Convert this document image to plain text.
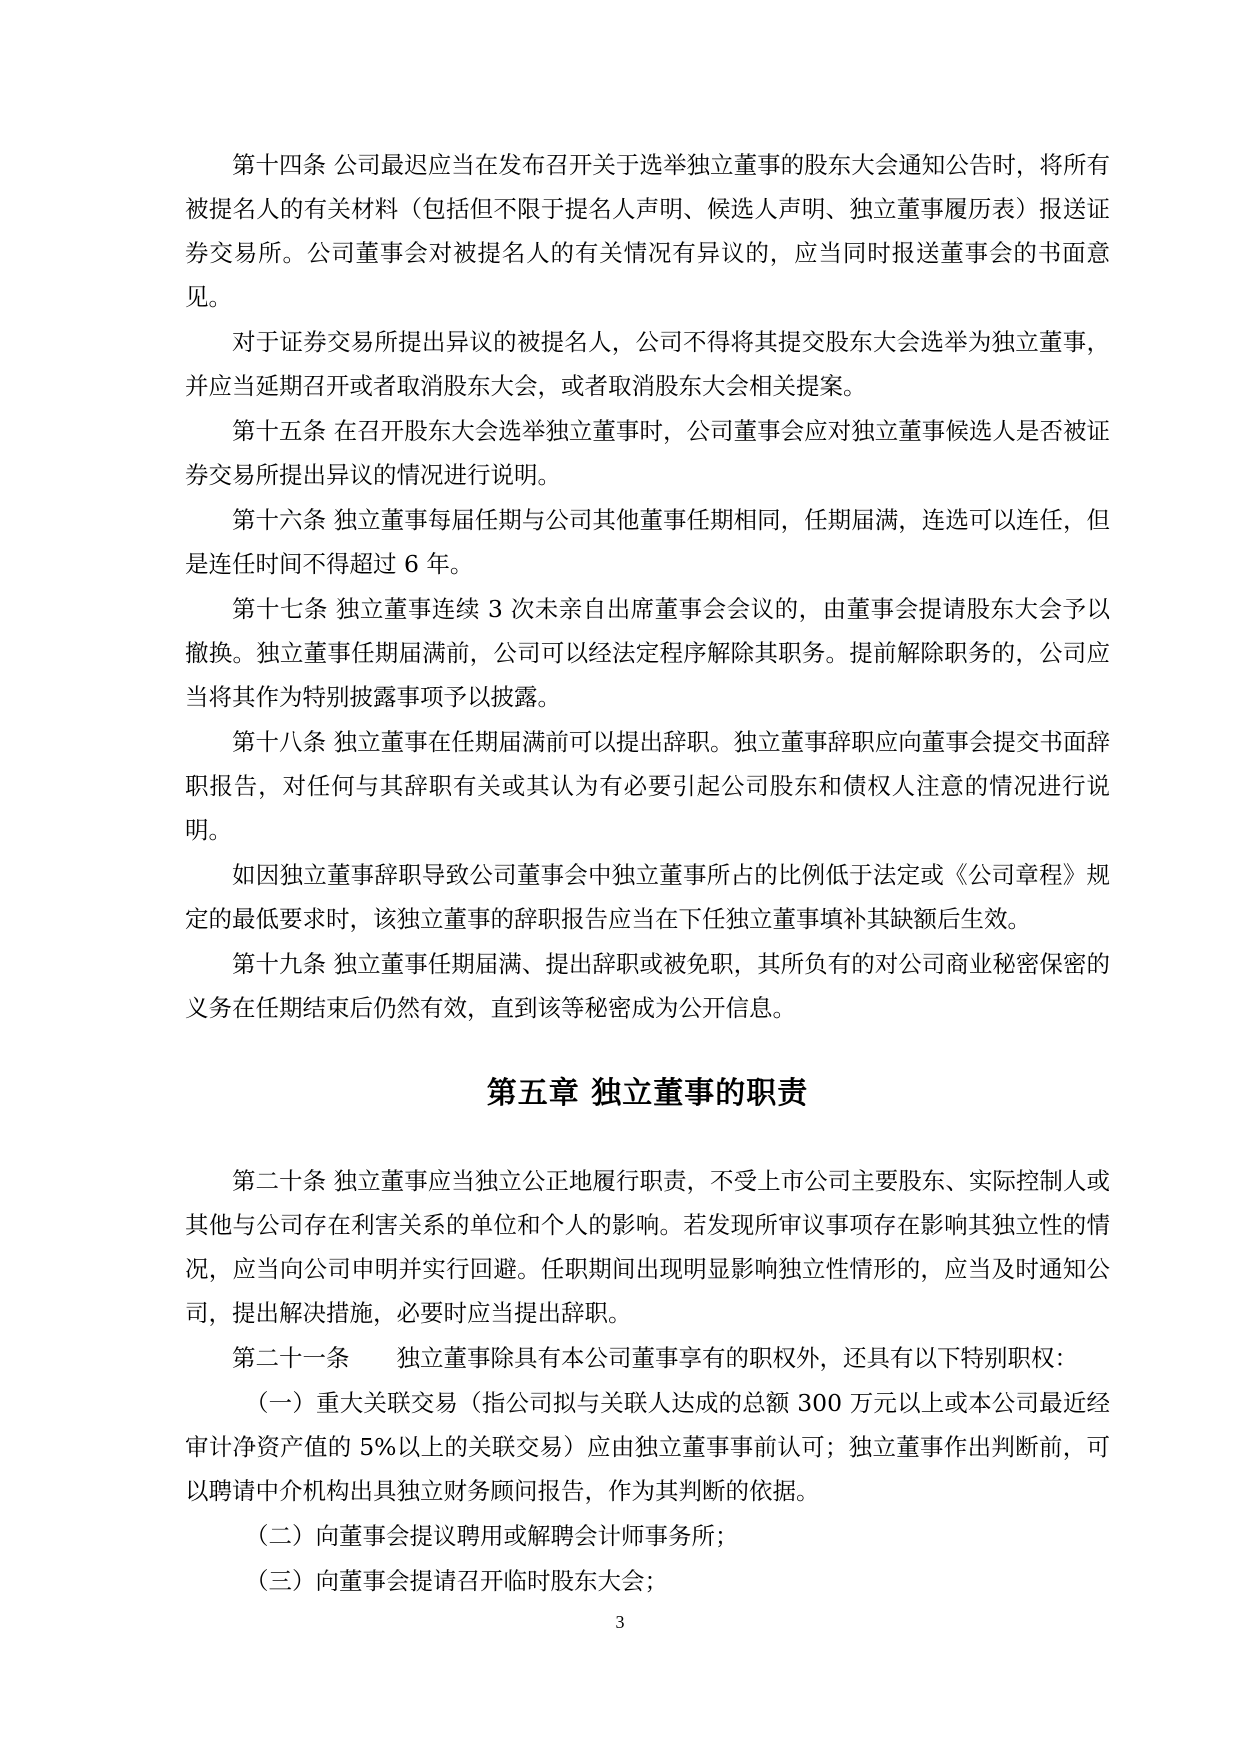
第十四条 公司最迟应当在发布召开关于选举独立董事的股东大会通知公告时，将所有被提名人的有关材料（包括但不限于提名人声明、候选人声明、独立董事履历表）报送证券交易所。公司董事会对被提名人的有关情况有异议的，应当同时报送董事会的书面意见。

对于证券交易所提出异议的被提名人，公司不得将其提交股东大会选举为独立董事，并应当延期召开或者取消股东大会，或者取消股东大会相关提案。

第十五条 在召开股东大会选举独立董事时，公司董事会应对独立董事候选人是否被证券交易所提出异议的情况进行说明。

第十六条 独立董事每届任期与公司其他董事任期相同，任期届满，连选可以连任，但是连任时间不得超过 6 年。

第十七条 独立董事连续 3 次未亲自出席董事会会议的，由董事会提请股东大会予以撤换。独立董事任期届满前，公司可以经法定程序解除其职务。提前解除职务的，公司应当将其作为特别披露事项予以披露。

第十八条 独立董事在任期届满前可以提出辞职。独立董事辞职应向董事会提交书面辞职报告，对任何与其辞职有关或其认为有必要引起公司股东和债权人注意的情况进行说明。

如因独立董事辞职导致公司董事会中独立董事所占的比例低于法定或《公司章程》规定的最低要求时，该独立董事的辞职报告应当在下任独立董事填补其缺额后生效。

第十九条 独立董事任期届满、提出辞职或被免职，其所负有的对公司商业秘密保密的义务在任期结束后仍然有效，直到该等秘密成为公开信息。

第五章 独立董事的职责

第二十条 独立董事应当独立公正地履行职责，不受上市公司主要股东、实际控制人或其他与公司存在利害关系的单位和个人的影响。若发现所审议事项存在影响其独立性的情况，应当向公司申明并实行回避。任职期间出现明显影响独立性情形的，应当及时通知公司，提出解决措施，必要时应当提出辞职。

第二十一条　　独立董事除具有本公司董事享有的职权外，还具有以下特别职权：

（一）重大关联交易（指公司拟与关联人达成的总额 300 万元以上或本公司最近经审计净资产值的 5%以上的关联交易）应由独立董事事前认可；独立董事作出判断前，可以聘请中介机构出具独立财务顾问报告，作为其判断的依据。

（二）向董事会提议聘用或解聘会计师事务所；

（三）向董事会提请召开临时股东大会；

3
